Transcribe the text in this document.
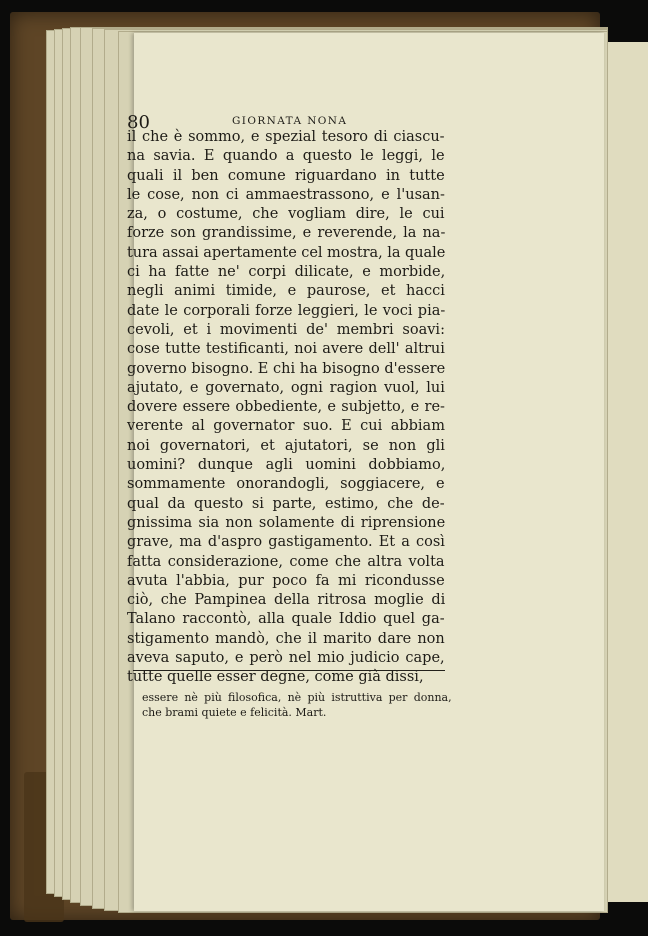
80	GIORNATA NONA
il che è sommo, e spezial tesoro di ciascu-
na savia. E quando a questo le leggi, le
quali il ben comune riguardano in tutte
le cose, non ci ammaestrassono, e l'usan-
za, o costume, che vogliam dire, le cui
forze son grandissime, e reverende, la na-
tura assai apertamente cel mostra, la quale
ci ha fatte ne' corpi dilicate, e morbide,
negli animi timide, e paurose, et hacci
date le corporali forze leggieri, le voci pia-
cevoli, et i movimenti de' membri soavi:
cose tutte testificanti, noi avere dell' altrui
governo bisogno. E chi ha bisogno d'essere
ajutato, e governato, ogni ragion vuol, lui
dovere essere obbediente, e subjetto, e re-
verente al governator suo. E cui abbiam
noi governatori, et ajutatori, se non gli
uomini? dunque agli uomini dobbiamo,
sommamente onorandogli, soggiacere, e
qual da questo si parte, estimo, che de-
gnissima sia non solamente di riprensione
grave, ma d'aspro gastigamento. Et a così
fatta considerazione, come che altra volta
avuta l'abbia, pur poco fa mi ricondusse
ciò, che Pampinea della ritrosa moglie di
Talano raccontò, alla quale Iddio quel ga-
stigamento mandò, che il marito dare non
aveva saputo, e però nel mio judicio cape,
tutte quelle esser degne, come già dissi,
essere nè più filosofica, nè più istruttiva per donna,
che brami quiete e felicità. Mart.
